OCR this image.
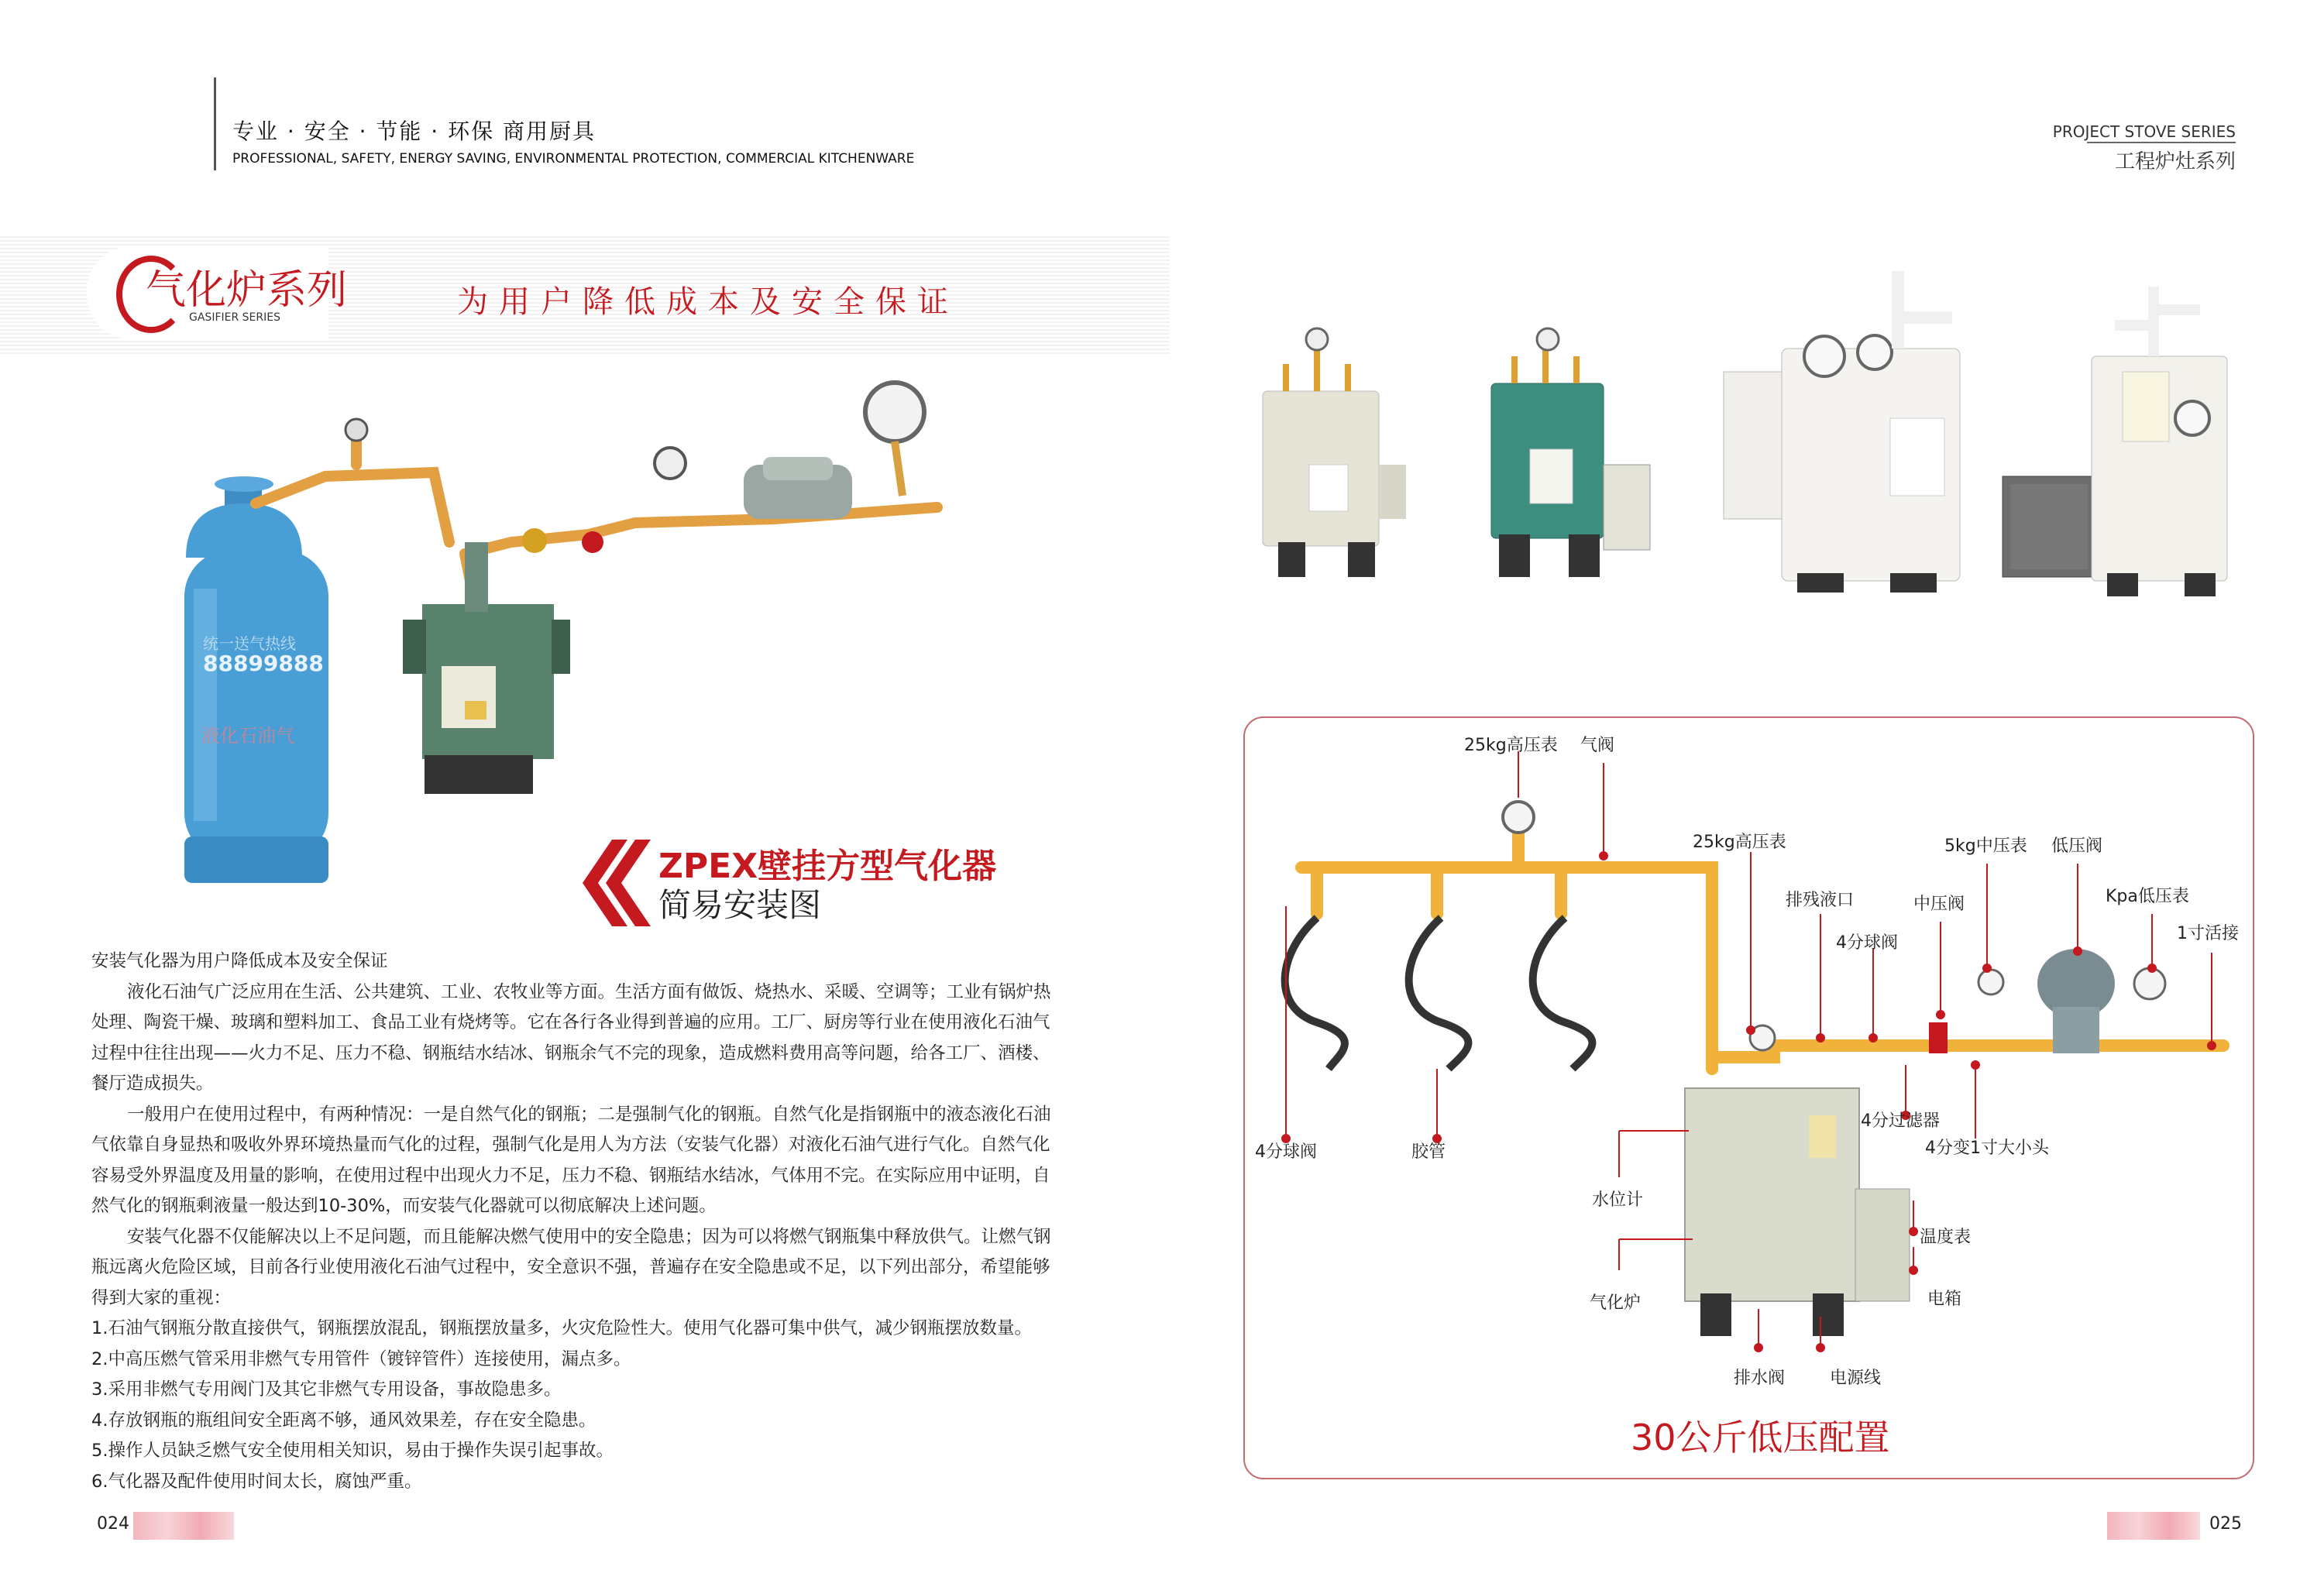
专业 · 安全 · 节能 · 环保 商用厨具
PROFESSIONAL, SAFETY, ENERGY SAVING, ENVIRONMENTAL PROTECTION, COMMERCIAL KITCHENWARE
PROJECT STOVE SERIES
工程炉灶系列
气化炉系列
GASIFIER SERIES	为用户降低成本及安全保证
统一送气热线
88899888
液化石油气
ZPEX壁挂方型气化器
简易安装图

安装气化器为用户降低成本及安全保证

液化石油气广泛应用在生活、公共建筑、工业、农牧业等方面。生活方面有做饭、烧热水、采暖、空调等；工业有锅炉热处理、陶瓷干燥、玻璃和塑料加工、食品工业有烧烤等。它在各行各业得到普遍的应用。工厂、厨房等行业在使用液化石油气过程中往往出现——火力不足、压力不稳、钢瓶结水结冰、钢瓶余气不完的现象，造成燃料费用高等问题，给各工厂、酒楼、餐厅造成损失。

一般用户在使用过程中，有两种情况：一是自然气化的钢瓶；二是强制气化的钢瓶。自然气化是指钢瓶中的液态液化石油气依靠自身显热和吸收外界环境热量而气化的过程，强制气化是用人为方法（安装气化器）对液化石油气进行气化。自然气化容易受外界温度及用量的影响，在使用过程中出现火力不足，压力不稳、钢瓶结水结冰，气体用不完。在实际应用中证明，自然气化的钢瓶剩液量一般达到10-30%，而安装气化器就可以彻底解决上述问题。

安装气化器不仅能解决以上不足问题，而且能解决燃气使用中的安全隐患；因为可以将燃气钢瓶集中释放供气。让燃气钢瓶远离火危险区域，目前各行业使用液化石油气过程中，安全意识不强，普遍存在安全隐患或不足，以下列出部分，希望能够得到大家的重视：

1.石油气钢瓶分散直接供气，钢瓶摆放混乱，钢瓶摆放量多，火灾危险性大。使用气化器可集中供气，减少钢瓶摆放数量。

2.中高压燃气管采用非燃气专用管件（镀锌管件）连接使用，漏点多。

3.采用非燃气专用阀门及其它非燃气专用设备，事故隐患多。

4.存放钢瓶的瓶组间安全距离不够，通风效果差，存在安全隐患。

5.操作人员缺乏燃气安全使用相关知识，易由于操作失误引起事故。

6.气化器及配件使用时间太长，腐蚀严重。

024	025
25kg高压表 气阀
25kg高压表	5kg中压表 低压阀
排残液口	中压阀	Kpa低压表
4分球阀	1寸活接
4分过滤器
4分变1寸大小头
4分球阀	胶管
水位计
温度表
气化炉	电箱
排水阀	电源线
30公斤低压配置
